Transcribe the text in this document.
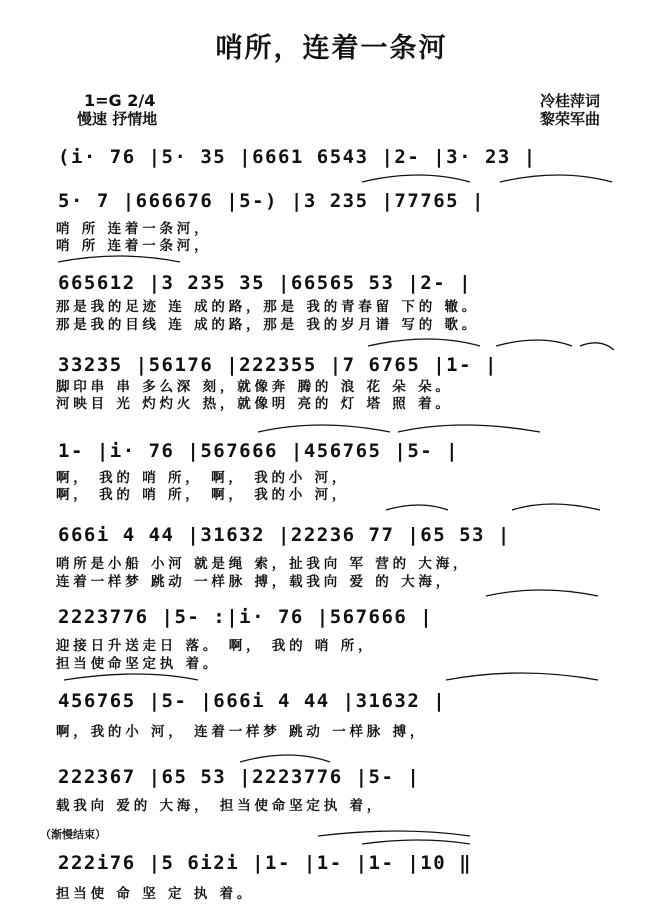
哨所，连着一条河
1=G 2/4
慢速 抒情地
冷桂萍词
黎荣军曲
(i· 76 |5· 35 |6661 6543 |2- |3· 23 |
5· 7 |666676 |5-) |3 235 |77765 |
哨 所 连着一条河，
哨 所 连着一条河，
665612 |3 235 35 |66565 53 |2- |
那是我的足迹 连 成的路，那是 我的青春留 下的 辙。
那是我的目线 连 成的路，那是 我的岁月谱 写的 歌。
33235 |56176 |222355 |7 6765 |1- |
脚印串 串 多么深 刻，就像奔 腾的 浪 花 朵 朵。
河映目 光 灼灼火 热，就像明 亮的 灯 塔 照 着。
1- |i· 76 |567666 |456765 |5- |
啊， 我的 哨 所， 啊， 我的小 河，
啊， 我的 哨 所， 啊， 我的小 河，
666i 4 44 |31632 |22236 77 |65 53 |
哨所是小船 小河 就是绳 索，扯我向 军 营的 大海，
连着一样梦 跳动 一样脉 搏，载我向 爱 的 大海，
2223776 |5- :|i· 76 |567666 |
迎接日升送走日 落。 啊， 我的 哨 所，
担当使命坚定执 着。
456765 |5- |666i 4 44 |31632 |
啊，我的小 河， 连着一样梦 跳动 一样脉 搏，
222367 |65 53 |2223776 |5- |
载我向 爱的 大海， 担当使命坚定执 着，
（渐慢结束）
222i76 |5 6i2i |1- |1- |1- |10 ‖
担当使 命 坚 定 执 着。
